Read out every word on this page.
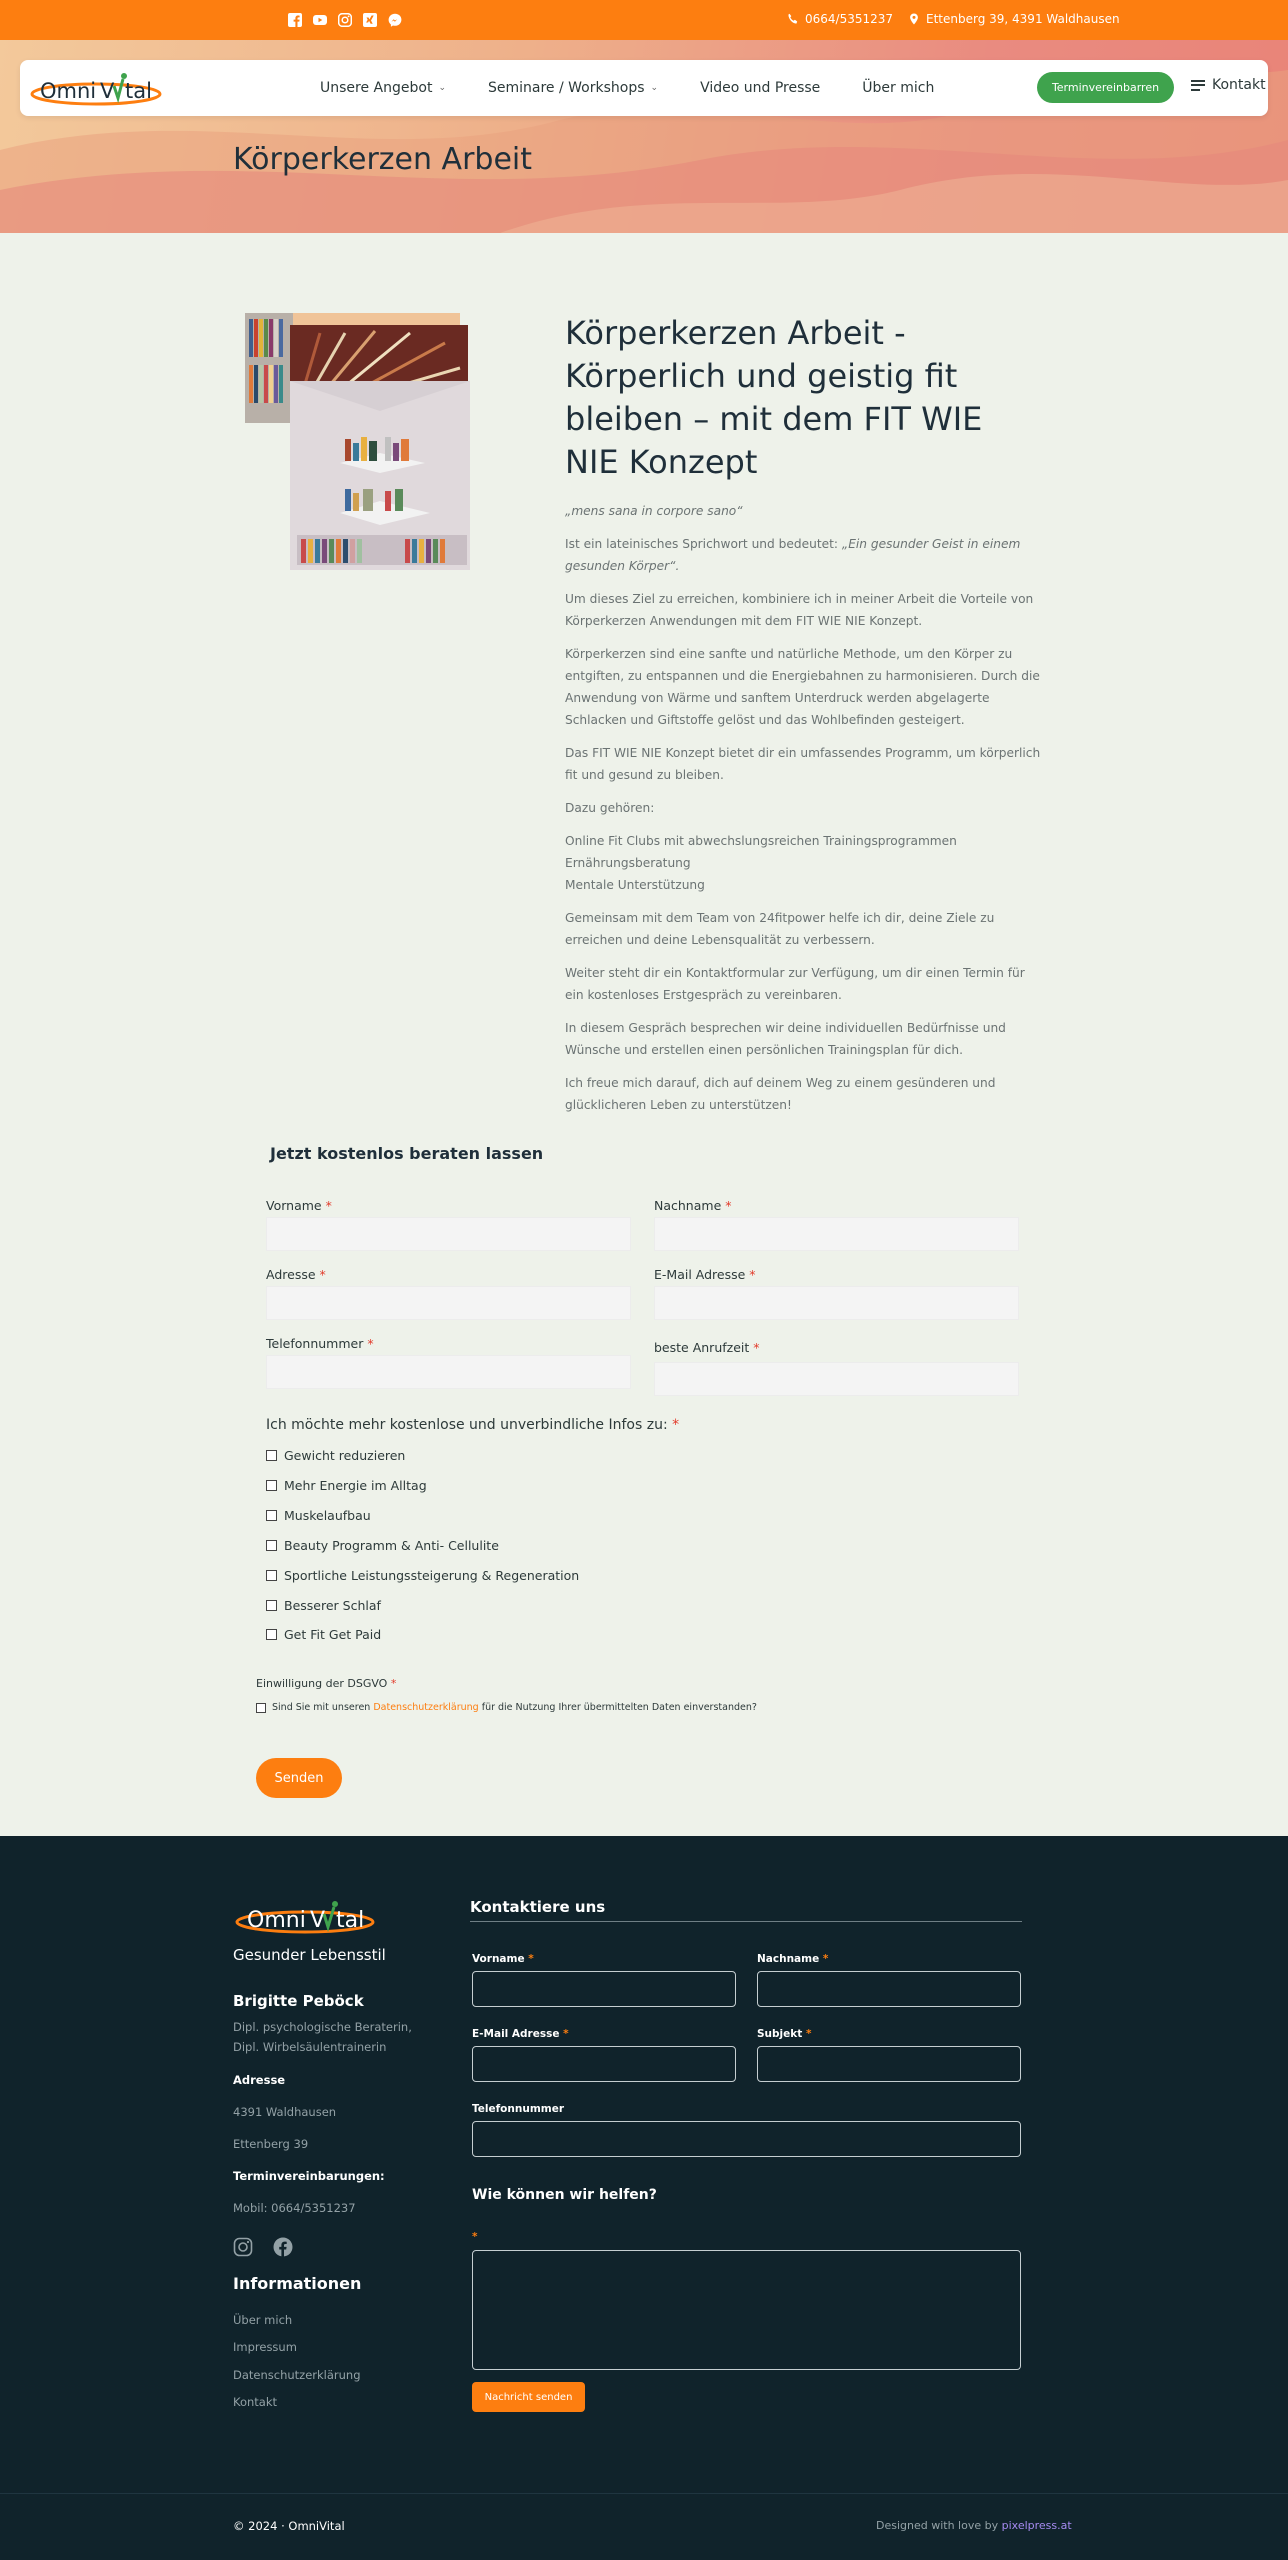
0664/5351237	Ettenberg 39, 4391 Waldhausen
Körperkerzen Arbeit
Omni V tal	Unsere Angebot ⌄	Seminare / Workshops ⌄	Video und Presse	Über mich	Terminvereinbarren	Kontakt
Körperkerzen Arbeit - Körperlich und geistig fit bleiben – mit dem FIT WIE NIE Konzept

„mens sana in corpore sano“

Ist ein lateinisches Sprichwort und bedeutet: „Ein gesunder Geist in einem gesunden Körper“.

Um dieses Ziel zu erreichen, kombiniere ich in meiner Arbeit die Vorteile von Körperkerzen Anwendungen mit dem FIT WIE NIE Konzept.

Körperkerzen sind eine sanfte und natürliche Methode, um den Körper zu entgiften, zu entspannen und die Energiebahnen zu harmonisieren. Durch die Anwendung von Wärme und sanftem Unterdruck werden abgelagerte Schlacken und Giftstoffe gelöst und das Wohlbefinden gesteigert.

Das FIT WIE NIE Konzept bietet dir ein umfassendes Programm, um körperlich fit und gesund zu bleiben.

Dazu gehören:

Online Fit Clubs mit abwechslungsreichen Trainingsprogrammen
Ernährungsberatung
Mentale Unterstützung

Gemeinsam mit dem Team von 24fitpower helfe ich dir, deine Ziele zu erreichen und deine Lebensqualität zu verbessern.

Weiter steht dir ein Kontaktformular zur Verfügung, um dir einen Termin für ein kostenloses Erstgespräch zu vereinbaren.

In diesem Gespräch besprechen wir deine individuellen Bedürfnisse und Wünsche und erstellen einen persönlichen Trainingsplan für dich.

Ich freue mich darauf, dich auf deinem Weg zu einem gesünderen und glücklicheren Leben zu unterstützen!

Jetzt kostenlos beraten lassen
Vorname *	Nachname *
Adresse *	E-Mail Adresse *
Telefonnummer *	beste Anrufzeit *
Ich möchte mehr kostenlose und unverbindliche Infos zu: *
Gewicht reduzieren
Mehr Energie im Alltag
Muskelaufbau
Beauty Programm & Anti- Cellulite
Sportliche Leistungssteigerung & Regeneration
Besserer Schlaf
Get Fit Get Paid
Einwilligung der DSGVO *
Sind Sie mit unseren Datenschutzerklärung für die Nutzung Ihrer übermittelten Daten einverstanden?
Senden
Omni V tal
Gesunder Lebensstil
Brigitte Peböck
Dipl. psychologische Beraterin,
Dipl. Wirbelsäulentrainerin
Adresse
4391 Waldhausen
Ettenberg 39
Terminvereinbarungen:
Mobil: 0664/5351237
Informationen
Über mich
Impressum
Datenschutzerklärung
Kontakt
Kontaktiere uns
Vorname *	Nachname *
E-Mail Adresse *	Subjekt *
Telefonnummer
Wie können wir helfen?
*
Nachricht senden
© 2024 · OmniVital	Designed with love by pixelpress.at
